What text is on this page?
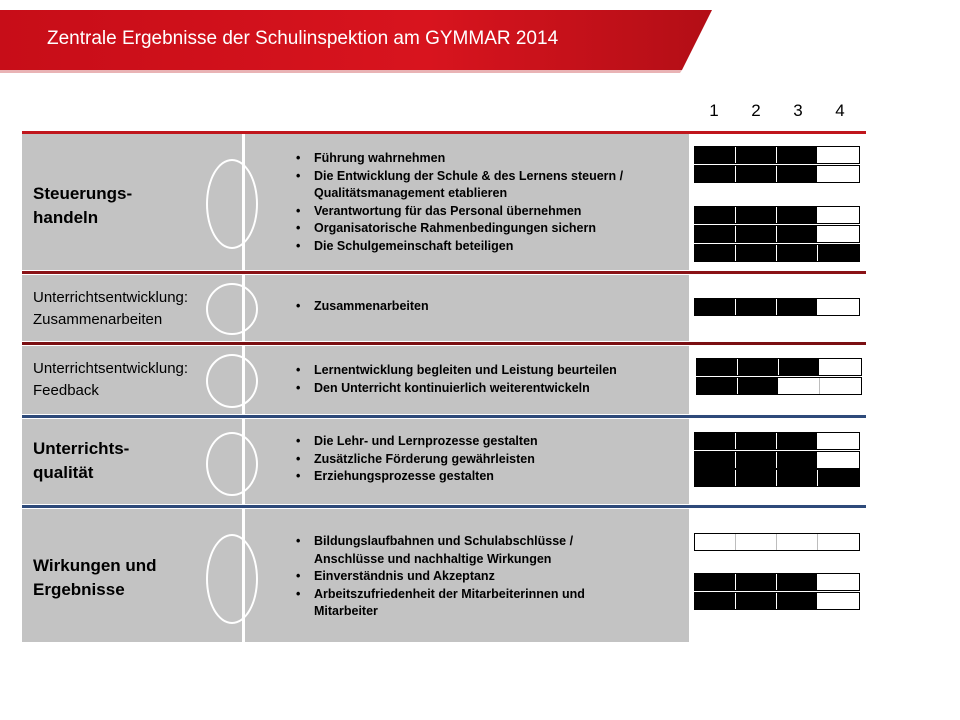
Zentrale Ergebnisse der Schulinspektion am GYMMAR 2014
1	2	3	4
Steuerungs-
handeln
• Führung wahrnehmen
• Die Entwicklung der Schule & des Lernens steuern /
Qualitätsmanagement etablieren
• Verantwortung für das Personal übernehmen
• Organisatorische Rahmenbedingungen sichern
• Die Schulgemeinschaft beteiligen
Unterrichtsentwicklung:
Zusammenarbeiten
• Zusammenarbeiten
Unterrichtsentwicklung:
Feedback
• Lernentwicklung begleiten und Leistung beurteilen
• Den Unterricht kontinuierlich weiterentwickeln
Unterrichts-
qualität
• Die Lehr- und Lernprozesse gestalten
• Zusätzliche Förderung gewährleisten
• Erziehungsprozesse gestalten
Wirkungen und
Ergebnisse
• Bildungslaufbahnen und Schulabschlüsse /
Anschlüsse und nachhaltige Wirkungen
• Einverständnis und Akzeptanz
• Arbeitszufriedenheit der Mitarbeiterinnen und
Mitarbeiter
